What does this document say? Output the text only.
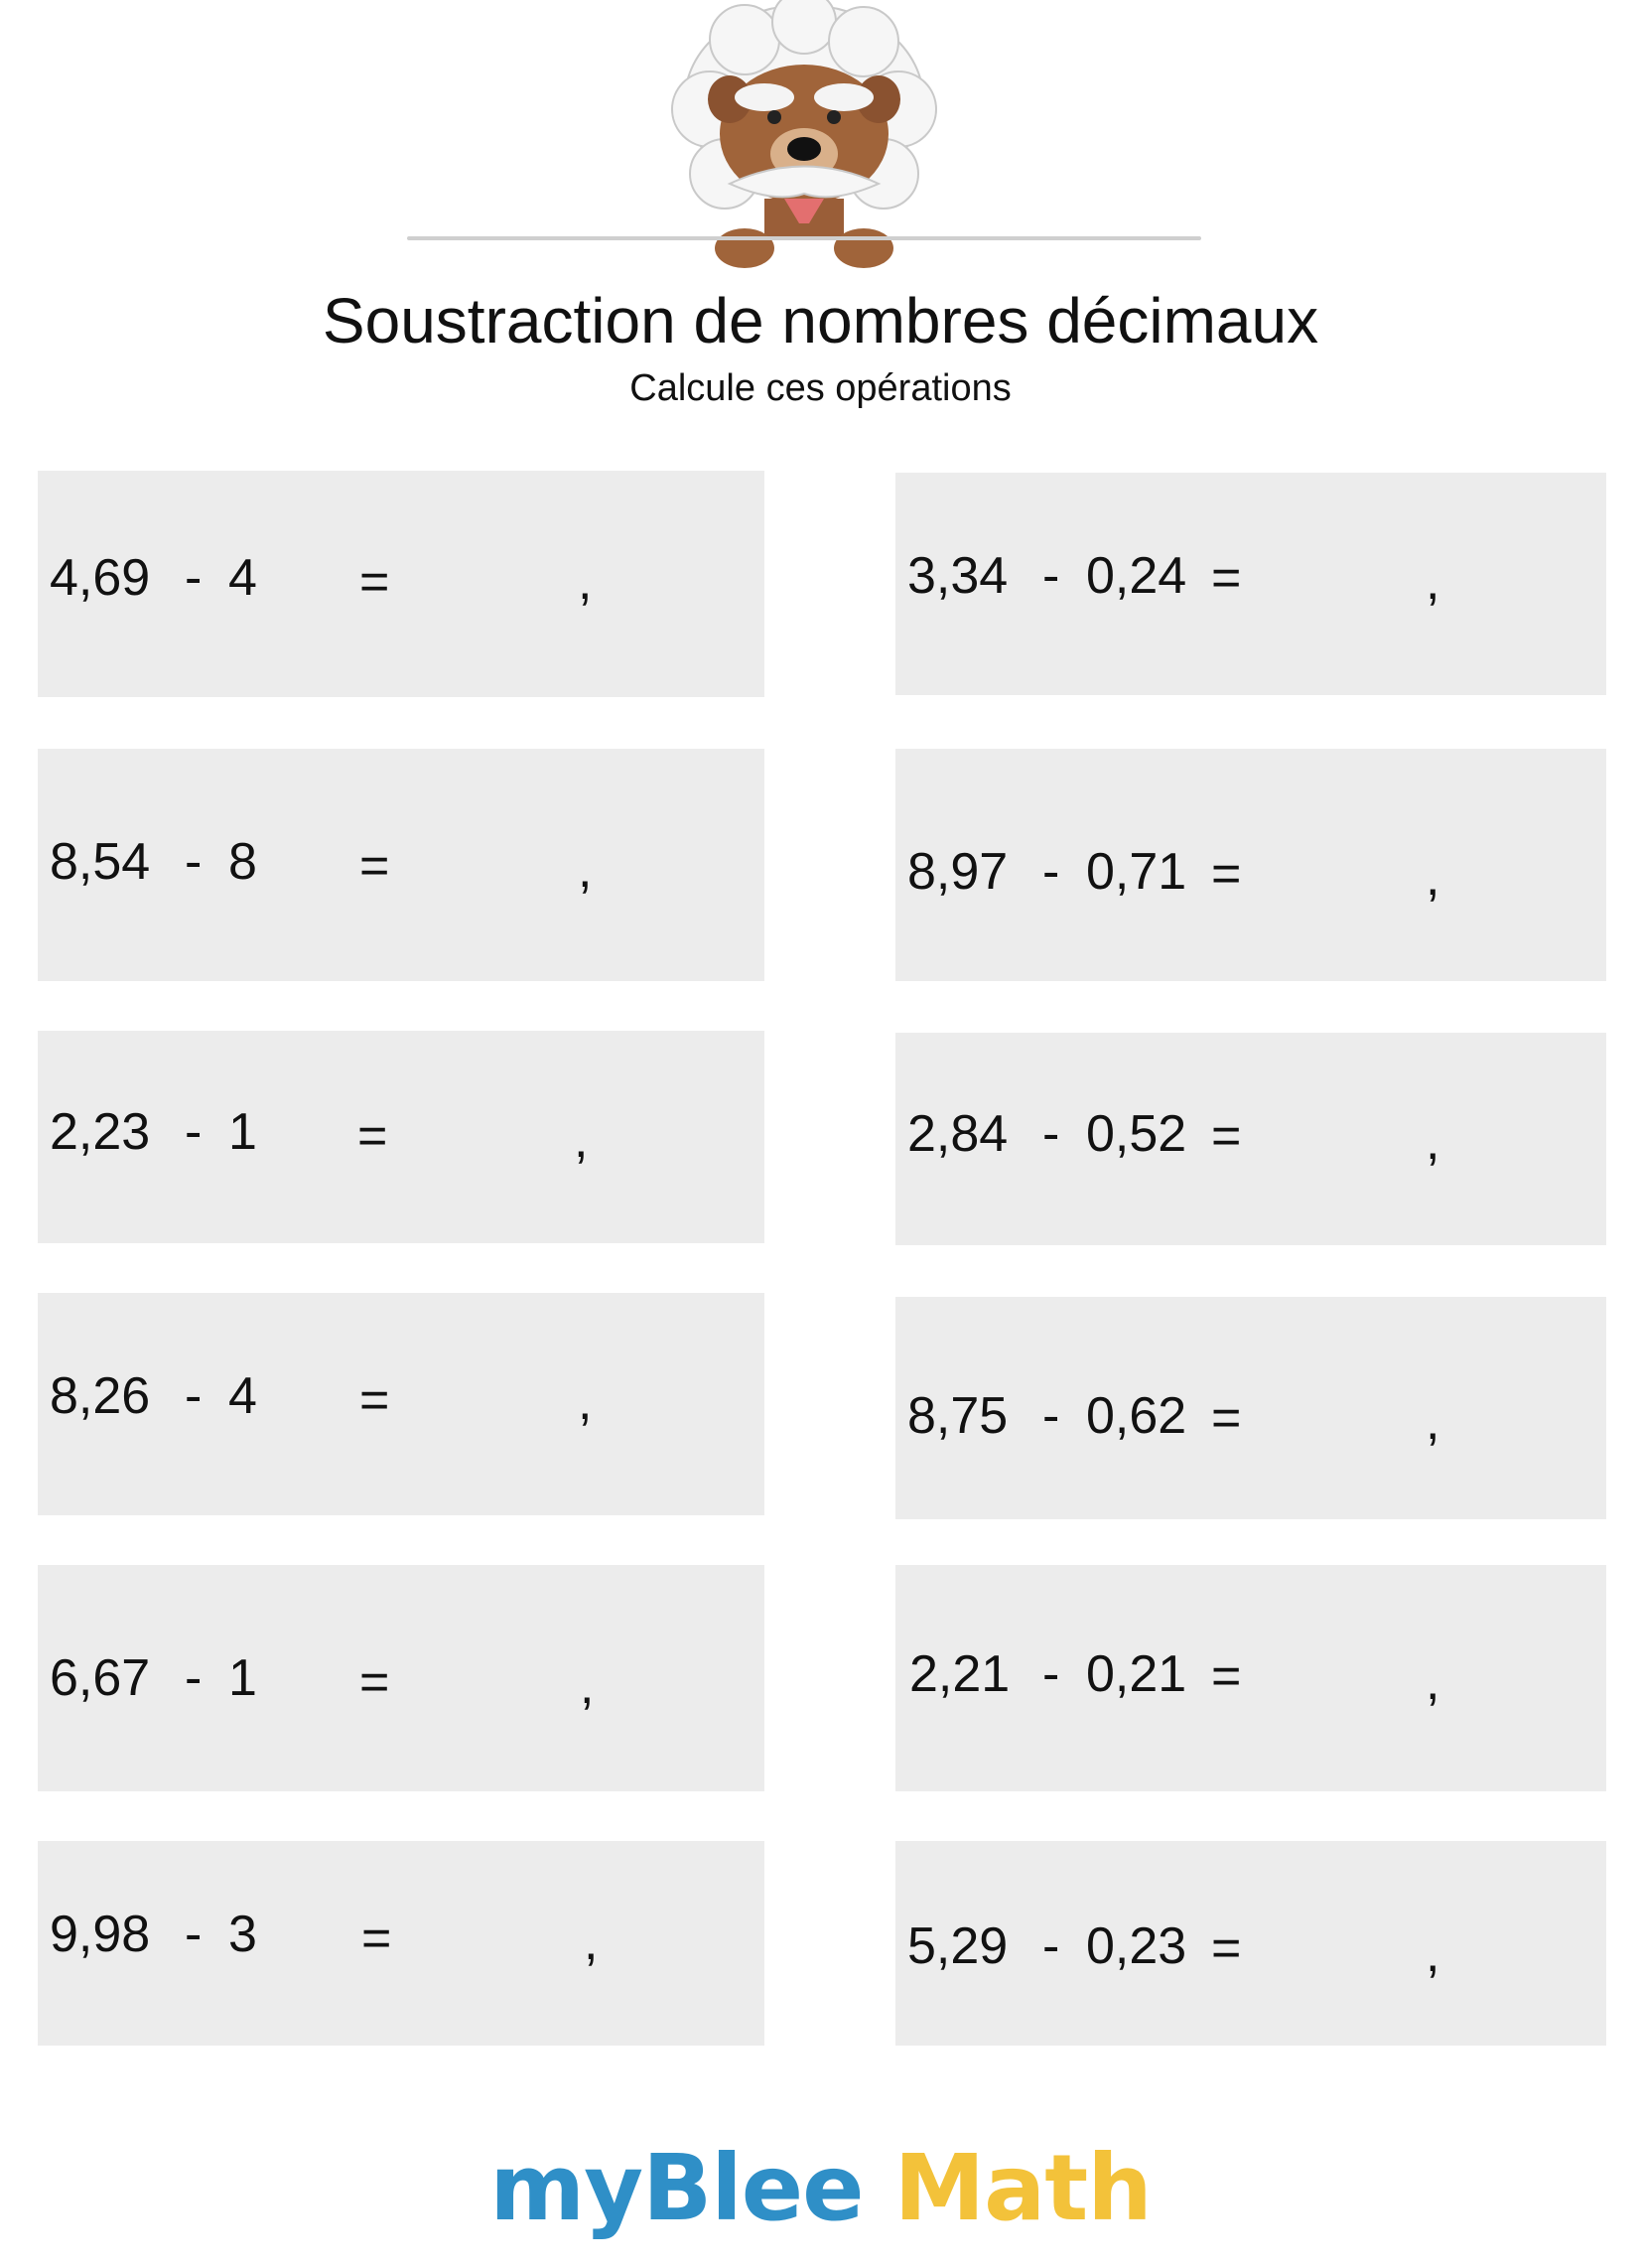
Soustraction de nombres décimaux
Calcule ces opérations
4,69 - 4 =	,
8,54 - 8 =	,
2,23 - 1 =	,
8,26 - 4 =	,
6,67 - 1 =	,
9,98 - 3 =	,
3,34 - 0,24 =	,
8,97 - 0,71 =	,
2,84 - 0,52 =	,
8,75 - 0,62 =	,
2,21 - 0,21 =	,
5,29 - 0,23 =	,
myBlee Math
